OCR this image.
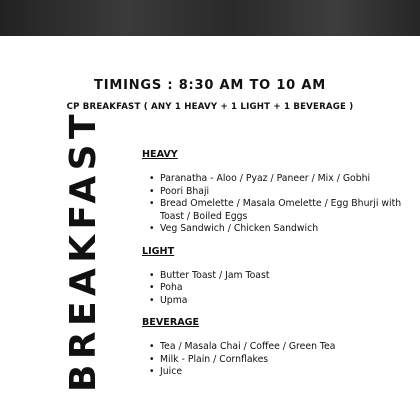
TIMINGS : 8:30 AM TO 10 AM
CP BREAKFAST ( ANY 1 HEAVY + 1 LIGHT + 1 BEVERAGE )
BREAKFAST	HEAVY
• Paranatha - Aloo / Pyaz / Paneer / Mix / Gobhi
• Poori Bhaji
• Bread Omelette / Masala Omelette / Egg Bhurji with Toast / Boiled Eggs
• Veg Sandwich / Chicken Sandwich
LIGHT
• Butter Toast / Jam Toast
• Poha
• Upma
BEVERAGE
• Tea / Masala Chai / Coffee / Green Tea
• Milk - Plain / Cornflakes
• Juice
